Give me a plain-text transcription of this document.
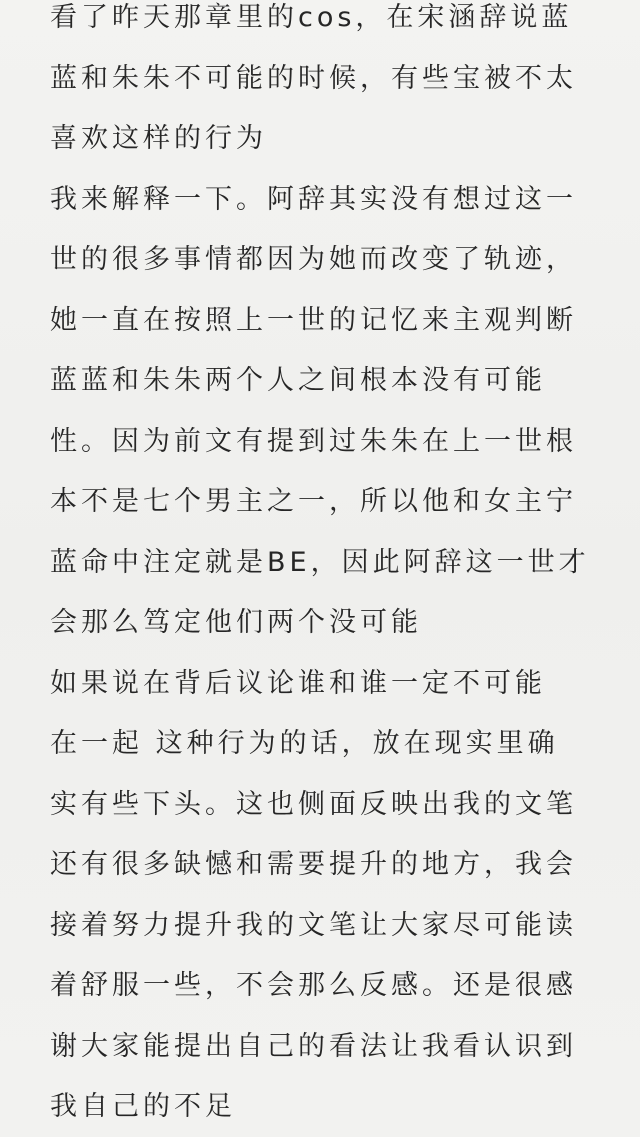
看了昨天那章里的cos，在宋涵辞说蓝
蓝和朱朱不可能的时候，有些宝被不太
喜欢这样的行为
我来解释一下。阿辞其实没有想过这一
世的很多事情都因为她而改变了轨迹，
她一直在按照上一世的记忆来主观判断
蓝蓝和朱朱两个人之间根本没有可能
性。因为前文有提到过朱朱在上一世根
本不是七个男主之一，所以他和女主宁
蓝命中注定就是BE，因此阿辞这一世才
会那么笃定他们两个没可能
如果说在背后议论谁和谁一定不可能
在一起 这种行为的话，放在现实里确
实有些下头。这也侧面反映出我的文笔
还有很多缺憾和需要提升的地方，我会
接着努力提升我的文笔让大家尽可能读
着舒服一些，不会那么反感。还是很感
谢大家能提出自己的看法让我看认识到
我自己的不足
